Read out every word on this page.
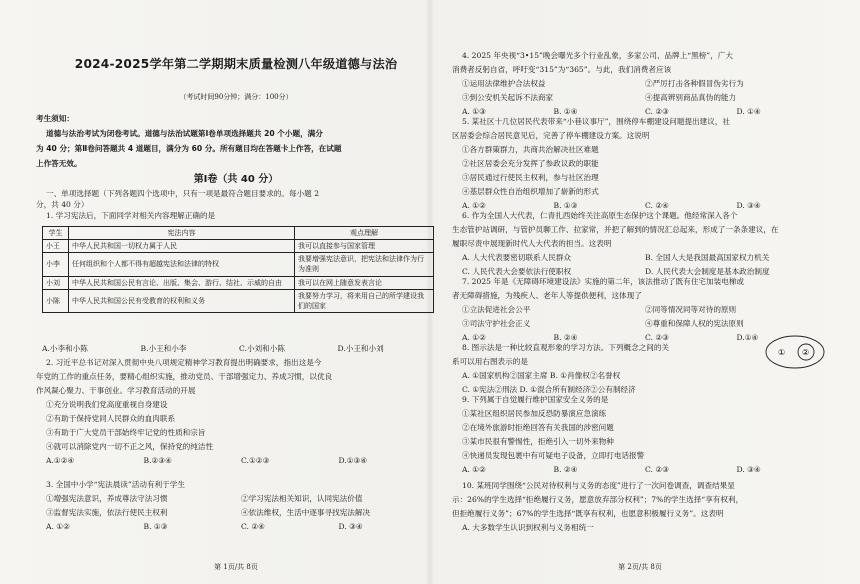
2024-2025学年第二学期期末质量检测八年级道德与法治
（考试时间90分钟；满分：100分）
考生须知：
道德与法治考试为闭卷考试。道德与法治试题第Ⅰ卷单项选择题共 20 个小题，满分
为 40 分；第Ⅱ卷问答题共 4 道题目，满分为 60 分。所有题目均在答题卡上作答，在试题
上作答无效。
第Ⅰ卷（共 40 分）
一、单项选择题（下列各题四个选项中，只有一项是最符合题目要求的。每小题 2
分，共 40 分）
1. 学习宪法后，下面同学对相关内容理解正确的是
学生	宪法内容	观点理解
小王	中华人民共和国一切权力属于人民	我可以直接参与国家管理
小李	任何组织和个人都不得有超越宪法和法律的特权	我要增强宪法意识，把宪法和法律作为行为准则
小刘	中华人民共和国公民有言论、出版、集会、游行、结社、示威的自由	我可以在网上随意发表言论
小陈	中华人民共和国公民有受教育的权利和义务	我要努力学习，将来用自己的所学建设我们的国家
A.小李和小陈	B.小王和小李	C.小刘和小陈	D.小王和小刘
2. 习近平总书记对深入贯彻中央八项规定精神学习教育提出明确要求，指出这是今
年党的工作的重点任务，要精心组织实施，推动党员、干部增强定力、养成习惯，以优良
作风凝心聚力、干事创业。学习教育活动的开展
①充分说明我们党高度重视自身建设
②有助于保持党同人民群众的血肉联系
③有助于广大党员干部始终牢记党的性质和宗旨
④就可以消除党内一切不正之风，保持党的纯洁性
A.①②④	B.②③④	C.①②③	D.①③④
3. 全国中小学“宪法晨读”活动有利于学生
①增强宪法意识，养成尊法守法习惯	②学习宪法相关知识，认同宪法价值
③监督宪法实施，依法行使民主权利	④依法维权，生活中逐事寻找宪法解决
A. ①②	B. ①③	C. ②④	D. ③④
第 1页/共 8页
4. 2025 年央视“3•15”晚会曝光多个行业乱象，多家公司、品牌上“黑榜”，广大
消费者反躬自省，呼吁变“315”为“365”。与此，我们消费者应该
①运用法律维护合法权益	②严厉打击各种假冒伪劣行为
③到公安机关起诉不法商家	④提高辨别商品真伪的能力
A. ①③	B. ①④	C. ②③	D. ①④
5. 某社区十几位居民代表带来“小巷议事厅”，围绕停车棚建设问题提出建议，社
区居委会综合居民意见后，完善了停车棚建设方案。这说明
①各方群策群力，共商共治解决社区难题
②社区居委会充分发挥了参政议政的职能
③居民通过行使民主权利，参与社区治理
④基层群众性自治组织增加了崭新的形式
A. ①②	B. ①③	C. ②④	D. ③④
6. 作为全国人大代表，仁青扎西始终关注高原生态保护这个课题。他经常深入各个
生态管护站调研，与管护员聊工作、拉家常，并把了解到的情况汇总起来，形成了一条条建议，在
履职尽责中展现新时代人大代表的担当。这表明
A. 人大代表要密切联系人民群众	B. 全国人大是我国最高国家权力机关
C. 人民代表大会要依法行使职权	D. 人民代表大会制度是基本政治制度
7. 2025 年是《无障碍环境建设法》实施的第二年，该法推动了既有住宅加装电梯或
者无障碍措施，为残疾人、老年人等提供便利，这体现了
①立法促进社会公平	②同等情况同等对待的原则
③司法守护社会正义	④尊重和保障人权的宪法原则
A. ①②	B. ②④	C. ②③	D.①④
8. 图示法是一种比较直观形象的学习方法。下列概念之间的关
系可以用右图表示的是
A. ①国家机构②国家主席 B. ①肖像权②名誉权
C. ①宪法②刑法 D. ①混合所有制经济②公有制经济
① ②
9. 下列属于自觉履行维护国家安全义务的是
①某社区组织居民参加反恐防暴演应急演练
②在境外旅游时拒绝回答有关我国的涉密问题
③某市民很有警惕性，拒绝引入一切外来物种
④快递员发现包裹中有可疑电子设备，立即打电话报警
A. ①②	B. ②④	C. ②③	D. ③④
10. 某班同学围绕“公民对待权利与义务的态度”进行了一次问卷调查，调查结果显
示：26%的学生选择“拒绝履行义务，愿意放弃部分权利”；7%的学生选择“享有权利，
但拒绝履行义务”；67%的学生选择“既享有权利，也愿意积极履行义务”。这表明
A. 大多数学生认识到权利与义务相统一
第 2页/共 8页
